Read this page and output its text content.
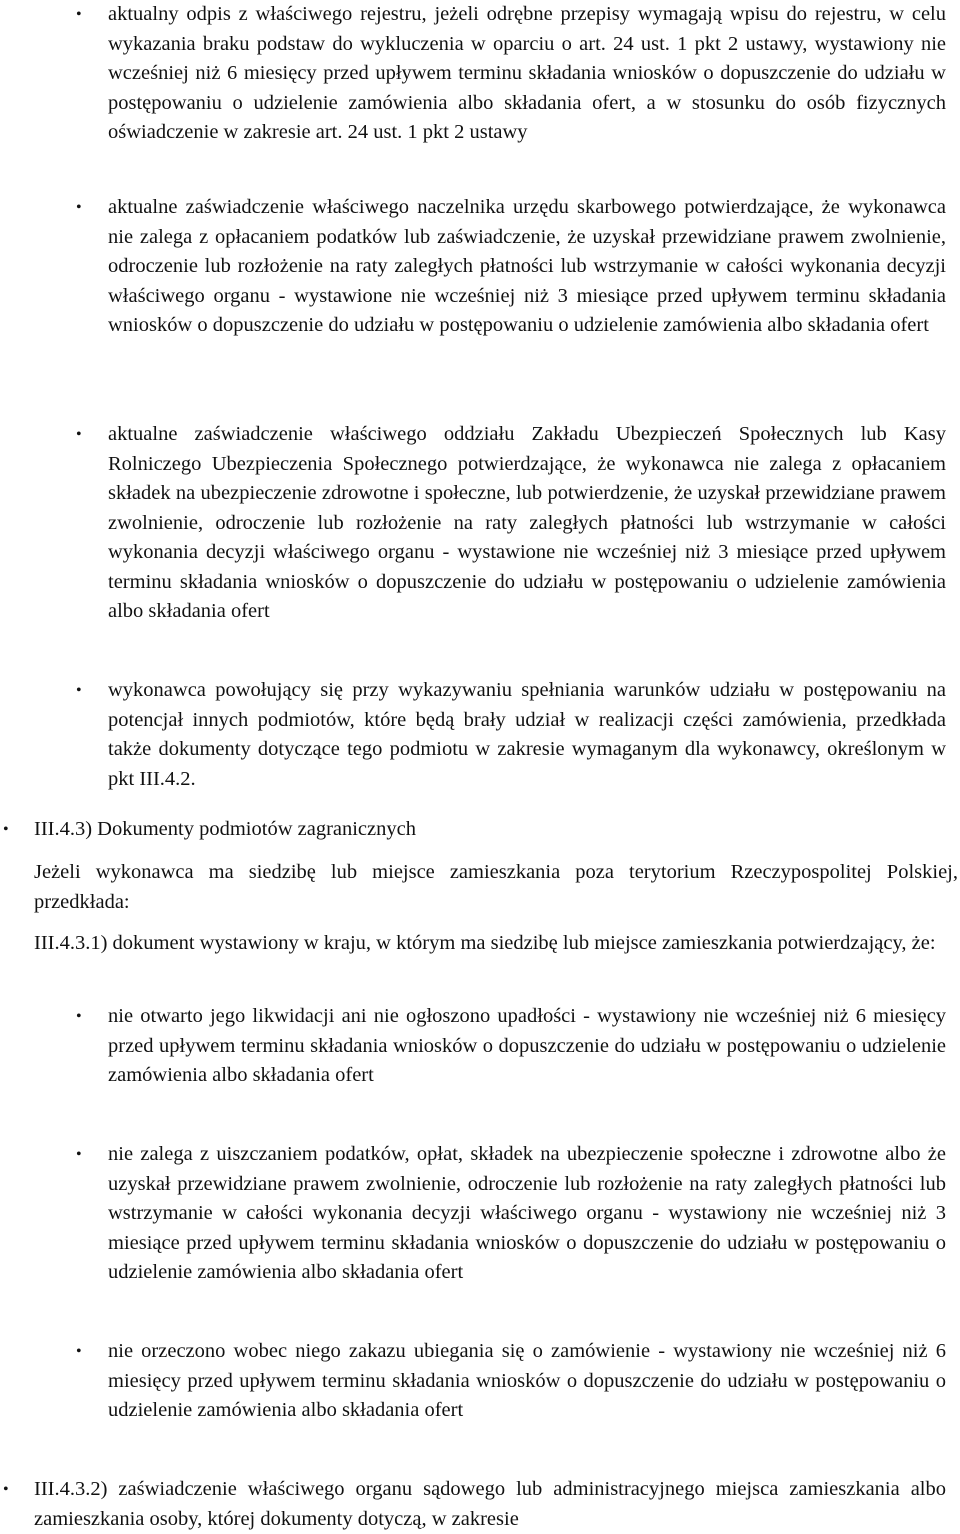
• aktualny odpis z właściwego rejestru, jeżeli odrębne przepisy wymagają wpisu do rejestru, w celu wykazania braku podstaw do wykluczenia w oparciu o art. 24 ust. 1 pkt 2 ustawy, wystawiony nie wcześniej niż 6 miesięcy przed upływem terminu składania wniosków o dopuszczenie do udziału w postępowaniu o udzielenie zamówienia albo składania ofert, a w stosunku do osób fizycznych oświadczenie w zakresie art. 24 ust. 1 pkt 2 ustawy
• aktualne zaświadczenie właściwego naczelnika urzędu skarbowego potwierdzające, że wykonawca nie zalega z opłacaniem podatków lub zaświadczenie, że uzyskał przewidziane prawem zwolnienie, odroczenie lub rozłożenie na raty zaległych płatności lub wstrzymanie w całości wykonania decyzji właściwego organu - wystawione nie wcześniej niż 3 miesiące przed upływem terminu składania wniosków o dopuszczenie do udziału w postępowaniu o udzielenie zamówienia albo składania ofert
• aktualne zaświadczenie właściwego oddziału Zakładu Ubezpieczeń Społecznych lub Kasy Rolniczego Ubezpieczenia Społecznego potwierdzające, że wykonawca nie zalega z opłacaniem składek na ubezpieczenie zdrowotne i społeczne, lub potwierdzenie, że uzyskał przewidziane prawem zwolnienie, odroczenie lub rozłożenie na raty zaległych płatności lub wstrzymanie w całości wykonania decyzji właściwego organu - wystawione nie wcześniej niż 3 miesiące przed upływem terminu składania wniosków o dopuszczenie do udziału w postępowaniu o udzielenie zamówienia albo składania ofert
• wykonawca powołujący się przy wykazywaniu spełniania warunków udziału w postępowaniu na potencjał innych podmiotów, które będą brały udział w realizacji części zamówienia, przedkłada także dokumenty dotyczące tego podmiotu w zakresie wymaganym dla wykonawcy, określonym w pkt III.4.2.
• III.4.3) Dokumenty podmiotów zagranicznych
Jeżeli wykonawca ma siedzibę lub miejsce zamieszkania poza terytorium Rzeczypospolitej Polskiej, przedkłada:
III.4.3.1) dokument wystawiony w kraju, w którym ma siedzibę lub miejsce zamieszkania potwierdzający, że:
• nie otwarto jego likwidacji ani nie ogłoszono upadłości - wystawiony nie wcześniej niż 6 miesięcy przed upływem terminu składania wniosków o dopuszczenie do udziału w postępowaniu o udzielenie zamówienia albo składania ofert
• nie zalega z uiszczaniem podatków, opłat, składek na ubezpieczenie społeczne i zdrowotne albo że uzyskał przewidziane prawem zwolnienie, odroczenie lub rozłożenie na raty zaległych płatności lub wstrzymanie w całości wykonania decyzji właściwego organu - wystawiony nie wcześniej niż 3 miesiące przed upływem terminu składania wniosków o dopuszczenie do udziału w postępowaniu o udzielenie zamówienia albo składania ofert
• nie orzeczono wobec niego zakazu ubiegania się o zamówienie - wystawiony nie wcześniej niż 6 miesięcy przed upływem terminu składania wniosków o dopuszczenie do udziału w postępowaniu o udzielenie zamówienia albo składania ofert
• III.4.3.2) zaświadczenie właściwego organu sądowego lub administracyjnego miejsca zamieszkania albo zamieszkania osoby, której dokumenty dotyczą, w zakresie
